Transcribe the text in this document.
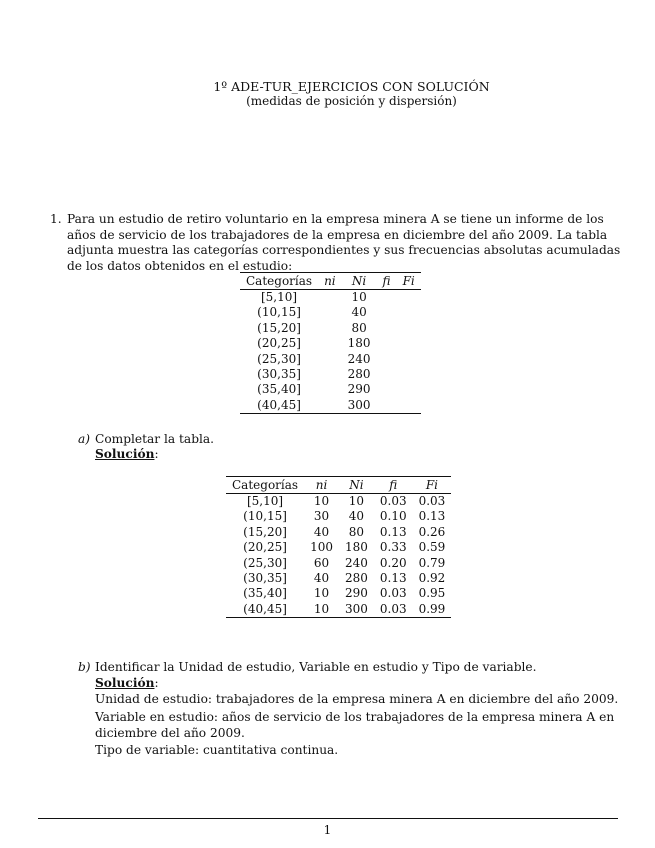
1º ADE-TUR_EJERCICIOS CON SOLUCIÓN
(medidas de posición y dispersión)
1. Para un estudio de retiro voluntario en la empresa minera A se tiene un informe de los años de servicio de los trabajadores de la empresa en diciembre del año 2009. La tabla adjunta muestra las categorías correspondientes y sus frecuencias absolutas acumuladas de los datos obtenidos en el estudio:
Categorías	ni	Ni	fi	Fi
[5,10]		10		
(10,15]		40		
(15,20]		80		
(20,25]		180		
(25,30]		240		
(30,35]		280		
(35,40]		290		
(40,45]		300		
a) Completar la tabla.
Solución:
Categorías	ni	Ni	fi	Fi
[5,10]	10	10	0.03	0.03
(10,15]	30	40	0.10	0.13
(15,20]	40	80	0.13	0.26
(20,25]	100	180	0.33	0.59
(25,30]	60	240	0.20	0.79
(30,35]	40	280	0.13	0.92
(35,40]	10	290	0.03	0.95
(40,45]	10	300	0.03	0.99
b) Identificar la Unidad de estudio, Variable en estudio y Tipo de variable.
Solución:
Unidad de estudio: trabajadores de la empresa minera A en diciembre del año 2009.
Variable en estudio: años de servicio de los trabajadores de la empresa minera A en diciembre del año 2009.
Tipo de variable: cuantitativa continua.
1
